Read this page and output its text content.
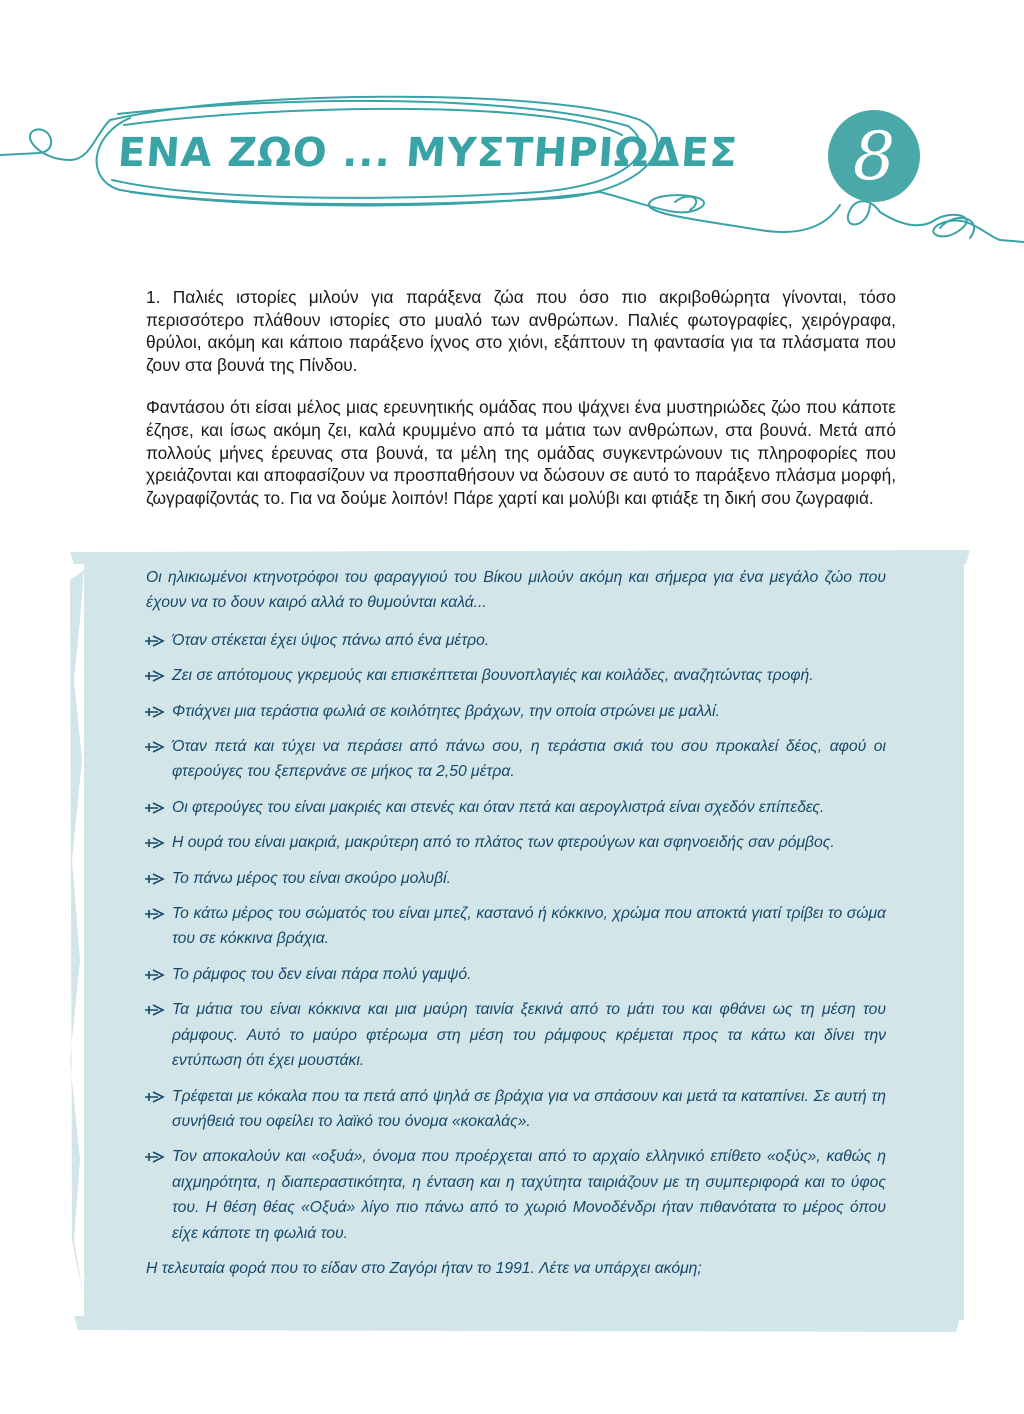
ΕΝΑ ΖΩΟ ... ΜΥΣΤΗΡΙΩΔΕΣ 8

1. Παλιές ιστορίες μιλούν για παράξενα ζώα που όσο πιο ακριβοθώρητα γίνονται, τόσο περισσότερο πλάθουν ιστορίες στο μυαλό των ανθρώπων. Παλιές φωτογραφίες, χειρόγραφα, θρύλοι, ακόμη και κάποιο παράξενο ίχνος στο χιόνι, εξάπτουν τη φαντασία για τα πλάσματα που ζουν στα βουνά της Πίνδου.

Φαντάσου ότι είσαι μέλος μιας ερευνητικής ομάδας που ψάχνει ένα μυστηριώδες ζώο που κάποτε έζησε, και ίσως ακόμη ζει, καλά κρυμμένο από τα μάτια των ανθρώπων, στα βουνά. Μετά από πολλούς μήνες έρευνας στα βουνά, τα μέλη της ομάδας συγκεντρώνουν τις πληροφορίες που χρειάζονται και αποφασίζουν να προσπαθήσουν να δώσουν σε αυτό το παράξενο πλάσμα μορφή, ζωγραφίζοντάς το. Για να δούμε λοιπόν! Πάρε χαρτί και μολύβι και φτιάξε τη δική σου ζωγραφιά.

Οι ηλικιωμένοι κτηνοτρόφοι του φαραγγιού του Βίκου μιλούν ακόμη και σήμερα για ένα μεγάλο ζώο που έχουν να το δουν καιρό αλλά το θυμούνται καλά...

Όταν στέκεται έχει ύψος πάνω από ένα μέτρο.
Ζει σε απότομους γκρεμούς και επισκέπτεται βουνοπλαγιές και κοιλάδες, αναζητώντας τροφή.
Φτιάχνει μια τεράστια φωλιά σε κοιλότητες βράχων, την οποία στρώνει με μαλλί.
Όταν πετά και τύχει να περάσει από πάνω σου, η τεράστια σκιά του σου προκαλεί δέος, αφού οι φτερούγες του ξεπερνάνε σε μήκος τα 2,50 μέτρα.
Οι φτερούγες του είναι μακριές και στενές και όταν πετά και αερογλιστρά είναι σχεδόν επίπεδες.
Η ουρά του είναι μακριά, μακρύτερη από το πλάτος των φτερούγων και σφηνοειδής σαν ρόμβος.
Το πάνω μέρος του είναι σκούρο μολυβί.
Το κάτω μέρος του σώματός του είναι μπεζ, καστανό ή κόκκινο, χρώμα που αποκτά γιατί τρίβει το σώμα του σε κόκκινα βράχια.
Το ράμφος του δεν είναι πάρα πολύ γαμψό.
Τα μάτια του είναι κόκκινα και μια μαύρη ταινία ξεκινά από το μάτι του και φθάνει ως τη μέση του ράμφους. Αυτό το μαύρο φτέρωμα στη μέση του ράμφους κρέμεται προς τα κάτω και δίνει την εντύπωση ότι έχει μουστάκι.
Τρέφεται με κόκαλα που τα πετά από ψηλά σε βράχια για να σπάσουν και μετά τα καταπίνει. Σε αυτή τη συνήθειά του οφείλει το λαϊκό του όνομα «κοκαλάς».
Τον αποκαλούν και «οξυά», όνομα που προέρχεται από το αρχαίο ελληνικό επίθετο «οξύς», καθώς η αιχμηρότητα, η διαπεραστικότητα, η ένταση και η ταχύτητα ταιριάζουν με τη συμπεριφορά και το ύφος του. Η θέση θέας «Οξυά» λίγο πιο πάνω από το χωριό Μονοδένδρι ήταν πιθανότατα το μέρος όπου είχε κάποτε τη φωλιά του.

Η τελευταία φορά που το είδαν στο Ζαγόρι ήταν το 1991. Λέτε να υπάρχει ακόμη;
